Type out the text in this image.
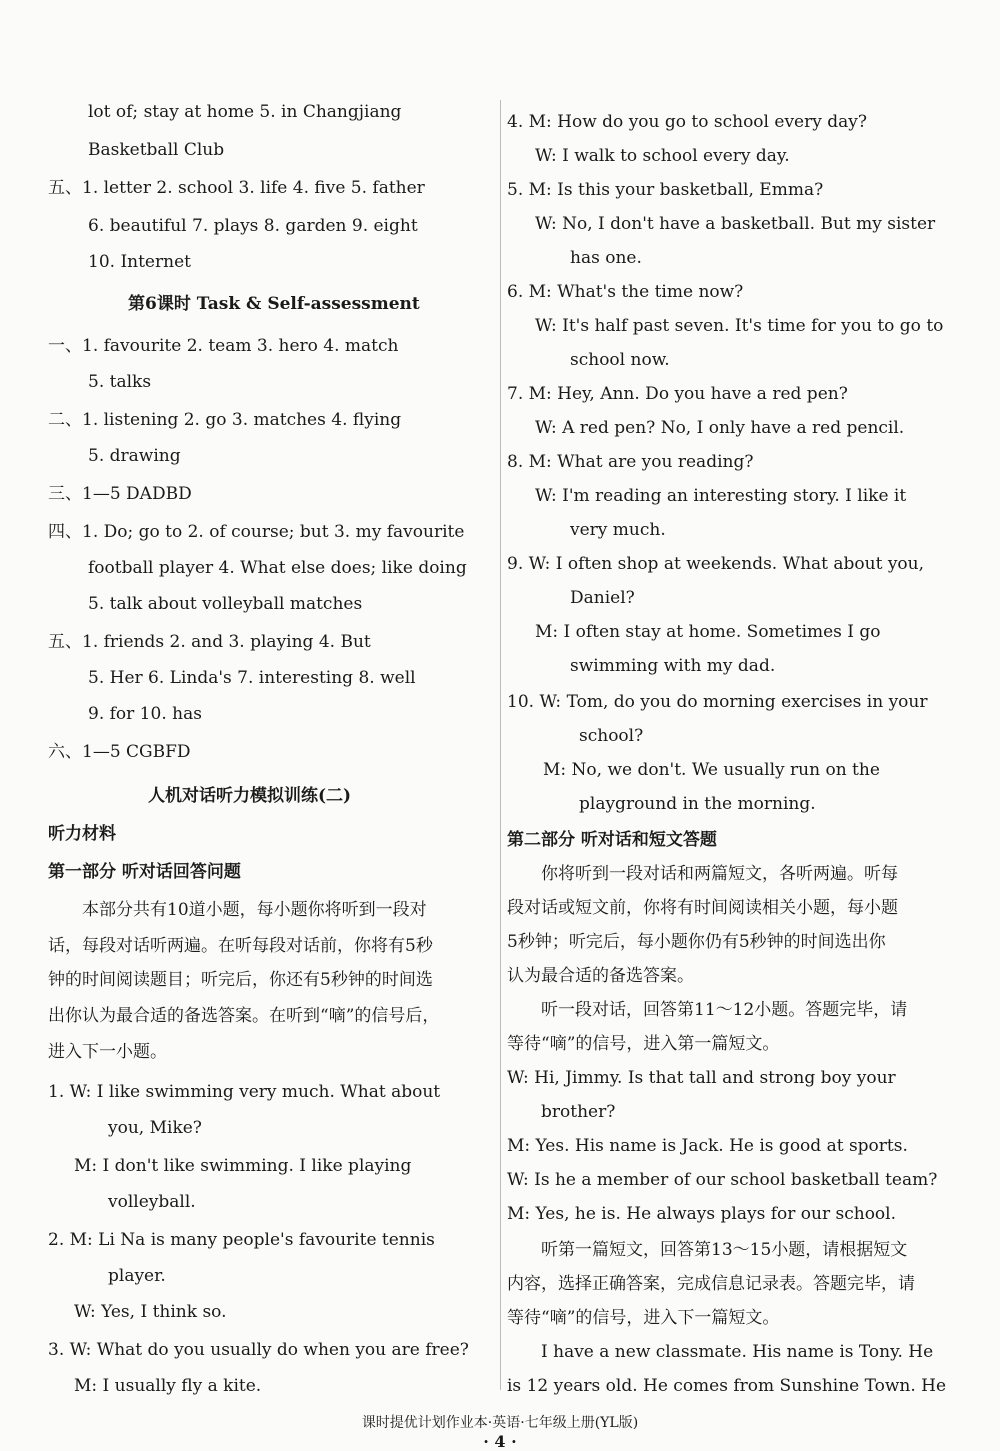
lot of; stay at home 5. in Changjiang
Basketball Club
五、1. letter 2. school 3. life 4. five 5. father
6. beautiful 7. plays 8. garden 9. eight
10. Internet
第6课时 Task & Self-assessment
一、1. favourite 2. team 3. hero 4. match
5. talks
二、1. listening 2. go 3. matches 4. flying
5. drawing
三、1—5 DADBD
四、1. Do; go to 2. of course; but 3. my favourite
football player 4. What else does; like doing
5. talk about volleyball matches
五、1. friends 2. and 3. playing 4. But
5. Her 6. Linda's 7. interesting 8. well
9. for 10. has
六、1—5 CGBFD
人机对话听力模拟训练(二)
听力材料
第一部分 听对话回答问题
本部分共有10道小题，每小题你将听到一段对
话，每段对话听两遍。在听每段对话前，你将有5秒
钟的时间阅读题目；听完后，你还有5秒钟的时间选
出你认为最合适的备选答案。在听到“嘀”的信号后，
进入下一小题。
1. W: I like swimming very much. What about
you, Mike?
M: I don't like swimming. I like playing
volleyball.
2. M: Li Na is many people's favourite tennis
player.
W: Yes, I think so.
3. W: What do you usually do when you are free?
M: I usually fly a kite.
4. M: How do you go to school every day?
W: I walk to school every day.
5. M: Is this your basketball, Emma?
W: No, I don't have a basketball. But my sister
has one.
6. M: What's the time now?
W: It's half past seven. It's time for you to go to
school now.
7. M: Hey, Ann. Do you have a red pen?
W: A red pen? No, I only have a red pencil.
8. M: What are you reading?
W: I'm reading an interesting story. I like it
very much.
9. W: I often shop at weekends. What about you,
Daniel?
M: I often stay at home. Sometimes I go
swimming with my dad.
10. W: Tom, do you do morning exercises in your
school?
M: No, we don't. We usually run on the
playground in the morning.
第二部分 听对话和短文答题
你将听到一段对话和两篇短文，各听两遍。听每
段对话或短文前，你将有时间阅读相关小题，每小题
5秒钟；听完后，每小题你仍有5秒钟的时间选出你
认为最合适的备选答案。
听一段对话，回答第11～12小题。答题完毕，请
等待“嘀”的信号，进入第一篇短文。
W: Hi, Jimmy. Is that tall and strong boy your
brother?
M: Yes. His name is Jack. He is good at sports.
W: Is he a member of our school basketball team?
M: Yes, he is. He always plays for our school.
听第一篇短文，回答第13～15小题，请根据短文
内容，选择正确答案，完成信息记录表。答题完毕，请
等待“嘀”的信号，进入下一篇短文。
I have a new classmate. His name is Tony. He
is 12 years old. He comes from Sunshine Town. He
课时提优计划作业本·英语·七年级上册(YL版)
· 4 ·
